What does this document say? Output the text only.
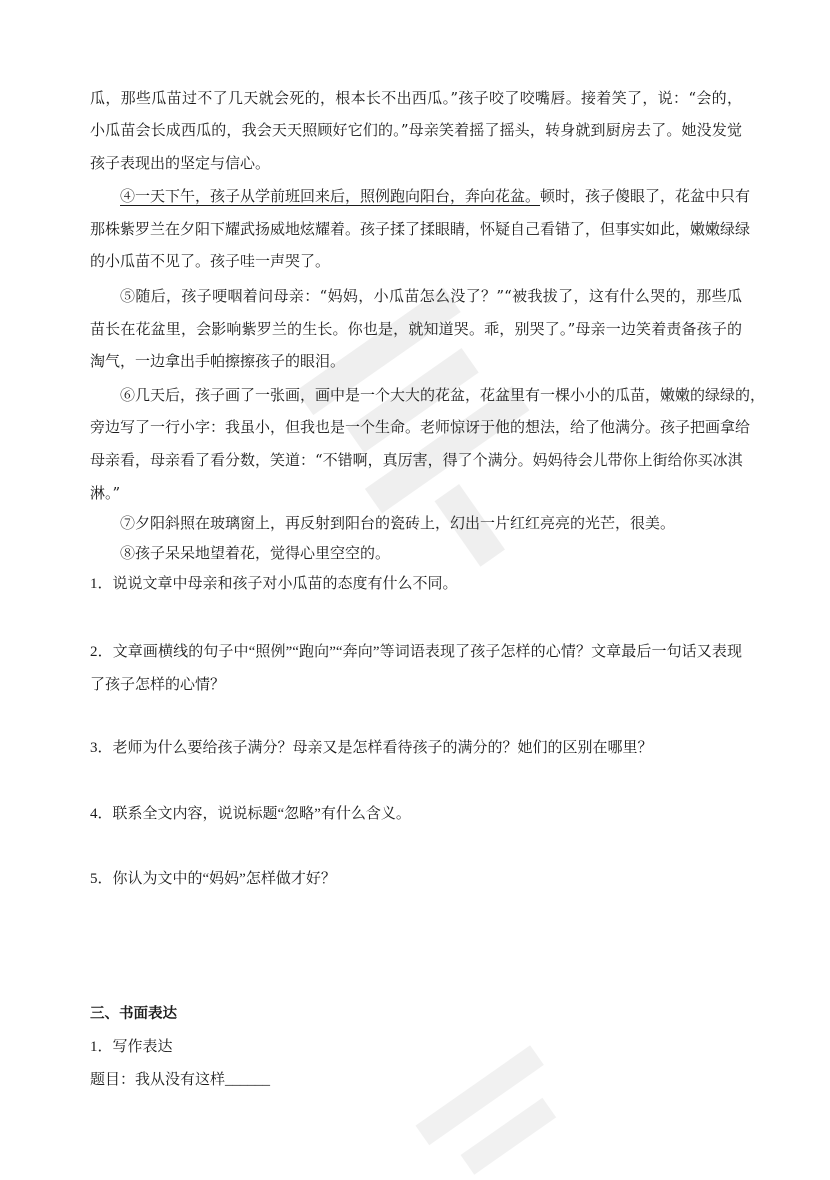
瓜，那些瓜苗过不了几天就会死的，根本长不出西瓜。”孩子咬了咬嘴唇。接着笑了，说：“会的，
小瓜苗会长成西瓜的，我会天天照顾好它们的。”母亲笑着摇了摇头，转身就到厨房去了。她没发觉
孩子表现出的坚定与信心。
④一天下午，孩子从学前班回来后，照例跑向阳台，奔向花盆。顿时，孩子傻眼了，花盆中只有
那株紫罗兰在夕阳下耀武扬威地炫耀着。孩子揉了揉眼睛，怀疑自己看错了，但事实如此，嫩嫩绿绿
的小瓜苗不见了。孩子哇一声哭了。
⑤随后，孩子哽咽着问母亲：“妈妈，小瓜苗怎么没了？”“被我拔了，这有什么哭的，那些瓜
苗长在花盆里，会影响紫罗兰的生长。你也是，就知道哭。乖，别哭了。”母亲一边笑着责备孩子的
淘气，一边拿出手帕擦擦孩子的眼泪。
⑥几天后，孩子画了一张画，画中是一个大大的花盆，花盆里有一棵小小的瓜苗，嫩嫩的绿绿的，
旁边写了一行小字：我虽小，但我也是一个生命。老师惊讶于他的想法，给了他满分。孩子把画拿给
母亲看，母亲看了看分数，笑道：“不错啊，真厉害，得了个满分。妈妈待会儿带你上街给你买冰淇
淋。”
⑦夕阳斜照在玻璃窗上，再反射到阳台的瓷砖上，幻出一片红红亮亮的光芒，很美。
⑧孩子呆呆地望着花，觉得心里空空的。
1．说说文章中母亲和孩子对小瓜苗的态度有什么不同。
2．文章画横线的句子中“照例”“跑向”“奔向”等词语表现了孩子怎样的心情？文章最后一句话又表现
了孩子怎样的心情？
3．老师为什么要给孩子满分？母亲又是怎样看待孩子的满分的？她们的区别在哪里？
4．联系全文内容，说说标题“忽略”有什么含义。
5．你认为文中的“妈妈”怎样做才好？
三、书面表达
1．写作表达
题目：我从没有这样______
